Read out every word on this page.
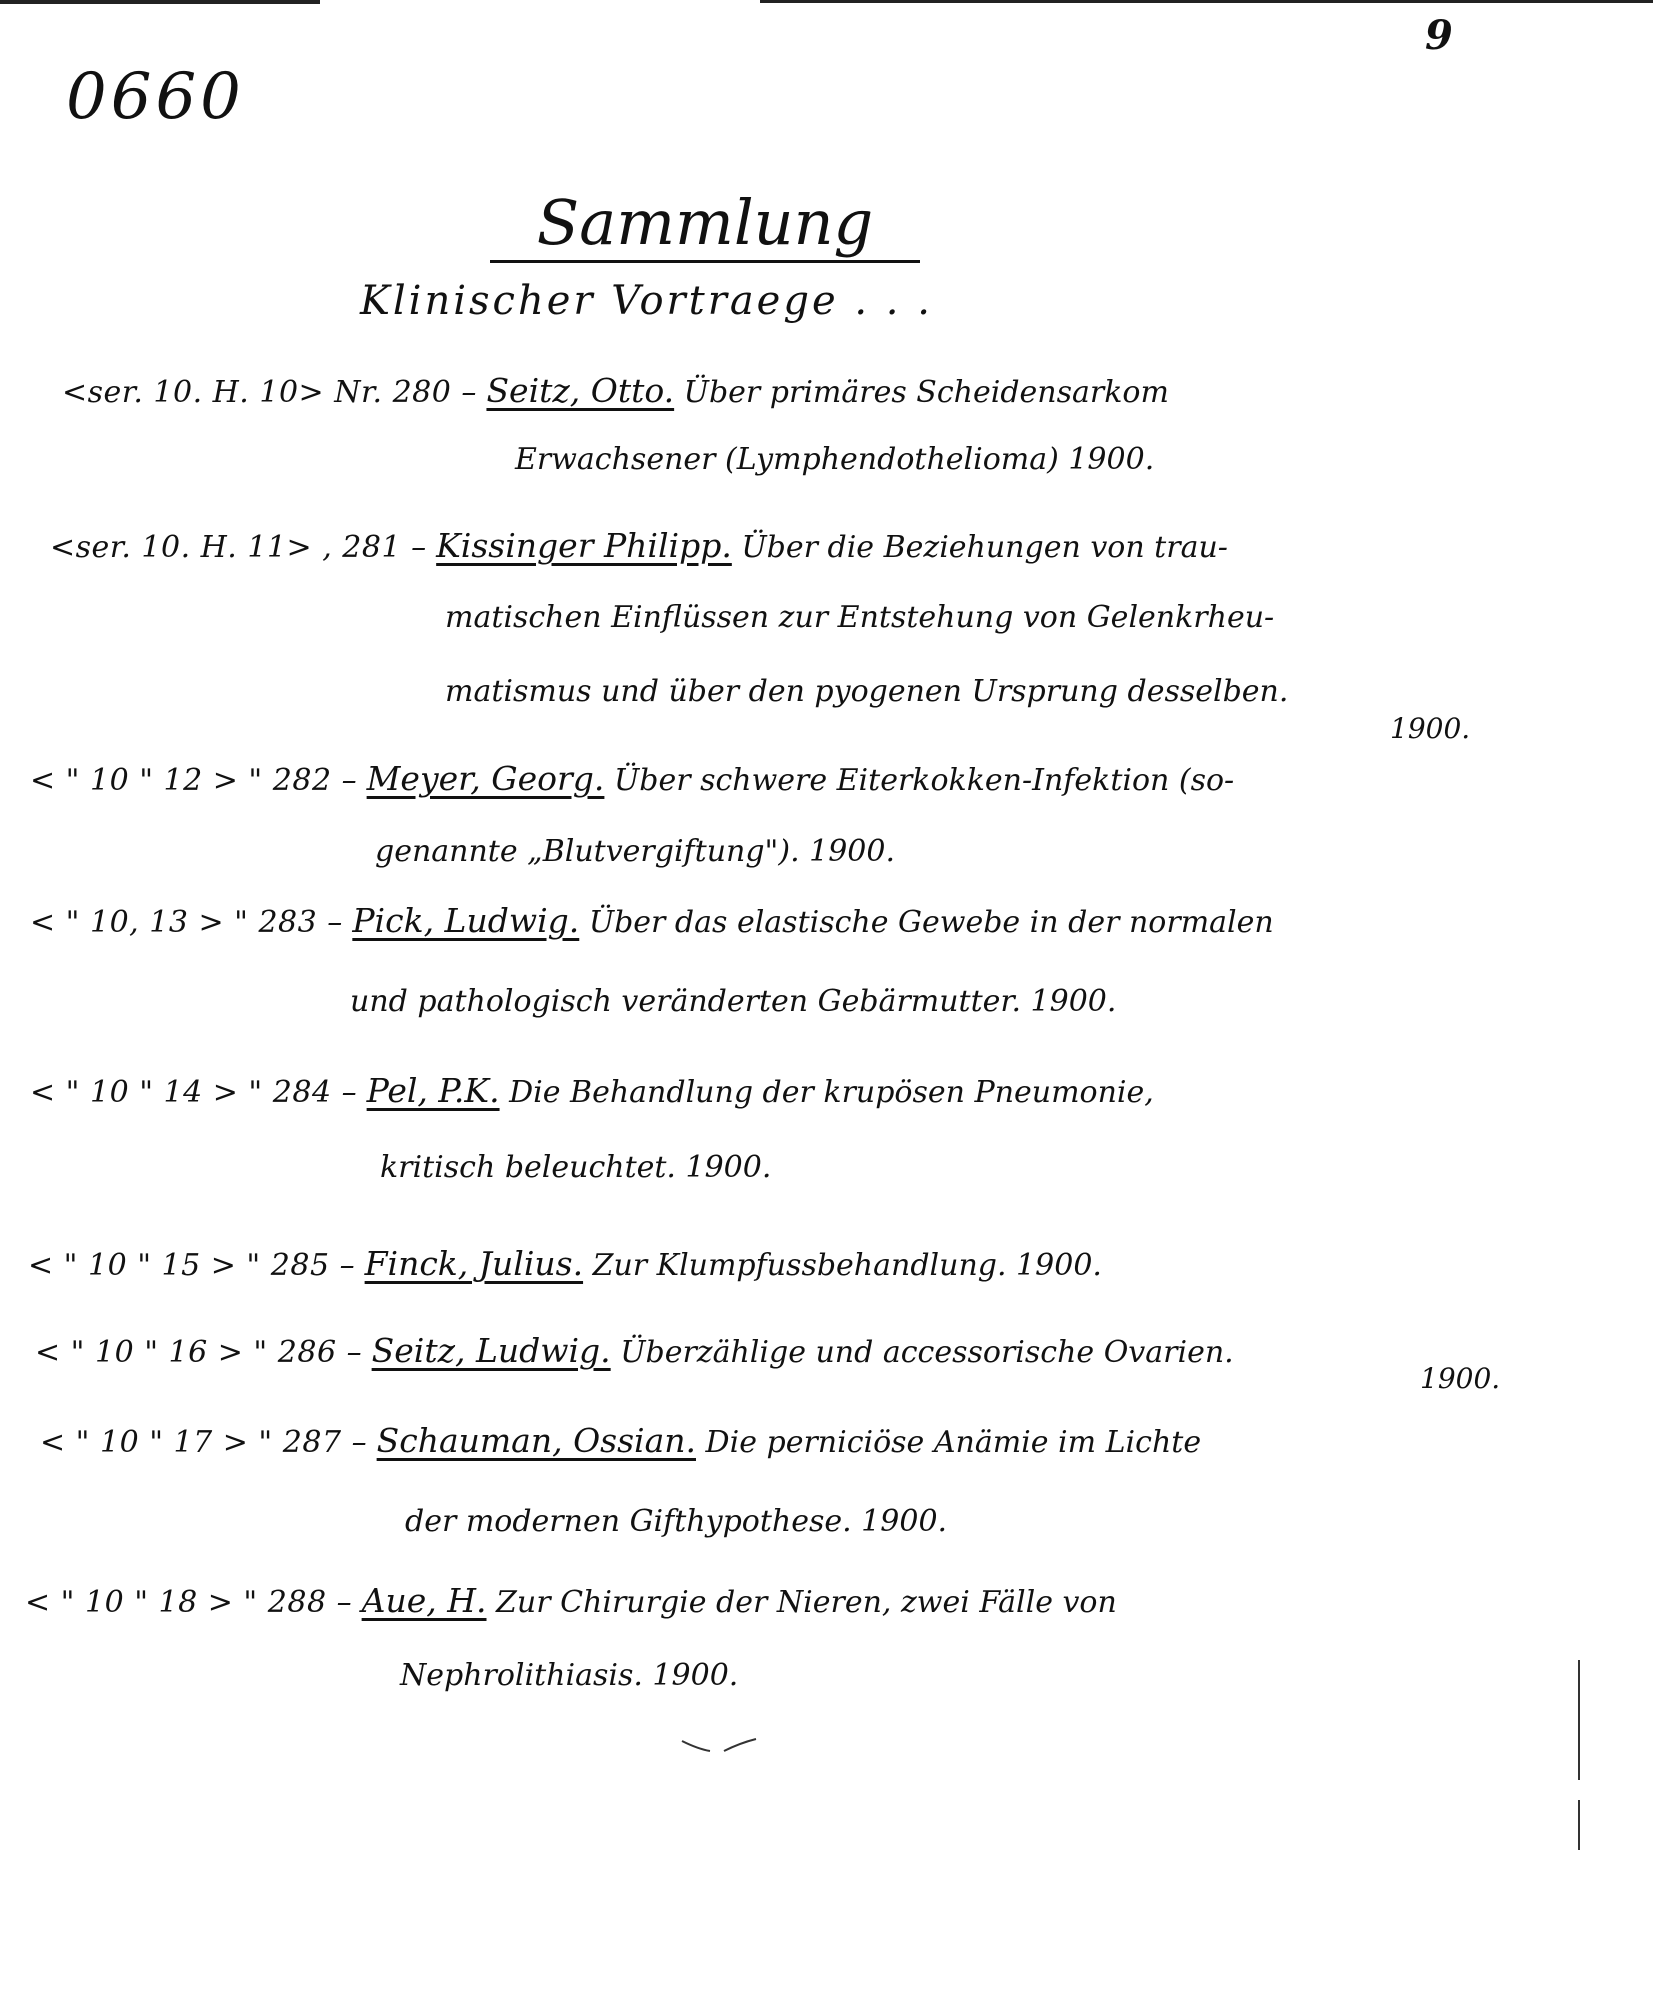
0660
9
Sammlung
Klinischer Vortraege . . .
<ser. 10. H. 10> Nr. 280 – Seitz, Otto. Über primäres Scheidensarkom
Erwachsener (Lymphendothelioma) 1900.
<ser. 10. H. 11> , 281 – Kissinger Philipp. Über die Beziehungen von trau-
matischen Einflüssen zur Entstehung von Gelenkrheu-
matismus und über den pyogenen Ursprung desselben.
1900.
< " 10 " 12 > " 282 – Meyer, Georg. Über schwere Eiterkokken-Infektion (so-
genannte „Blutvergiftung"). 1900.
< " 10, 13 > " 283 – Pick, Ludwig. Über das elastische Gewebe in der normalen
und pathologisch veränderten Gebärmutter. 1900.
< " 10 " 14 > " 284 – Pel, P.K. Die Behandlung der krupösen Pneumonie,
kritisch beleuchtet. 1900.
< " 10 " 15 > " 285 – Finck, Julius. Zur Klumpfussbehandlung. 1900.
< " 10 " 16 > " 286 – Seitz, Ludwig. Überzählige und accessorische Ovarien.
1900.
< " 10 " 17 > " 287 – Schauman, Ossian. Die perniciöse Anämie im Lichte
der modernen Gifthypothese. 1900.
< " 10 " 18 > " 288 – Aue, H. Zur Chirurgie der Nieren, zwei Fälle von
Nephrolithiasis. 1900.
